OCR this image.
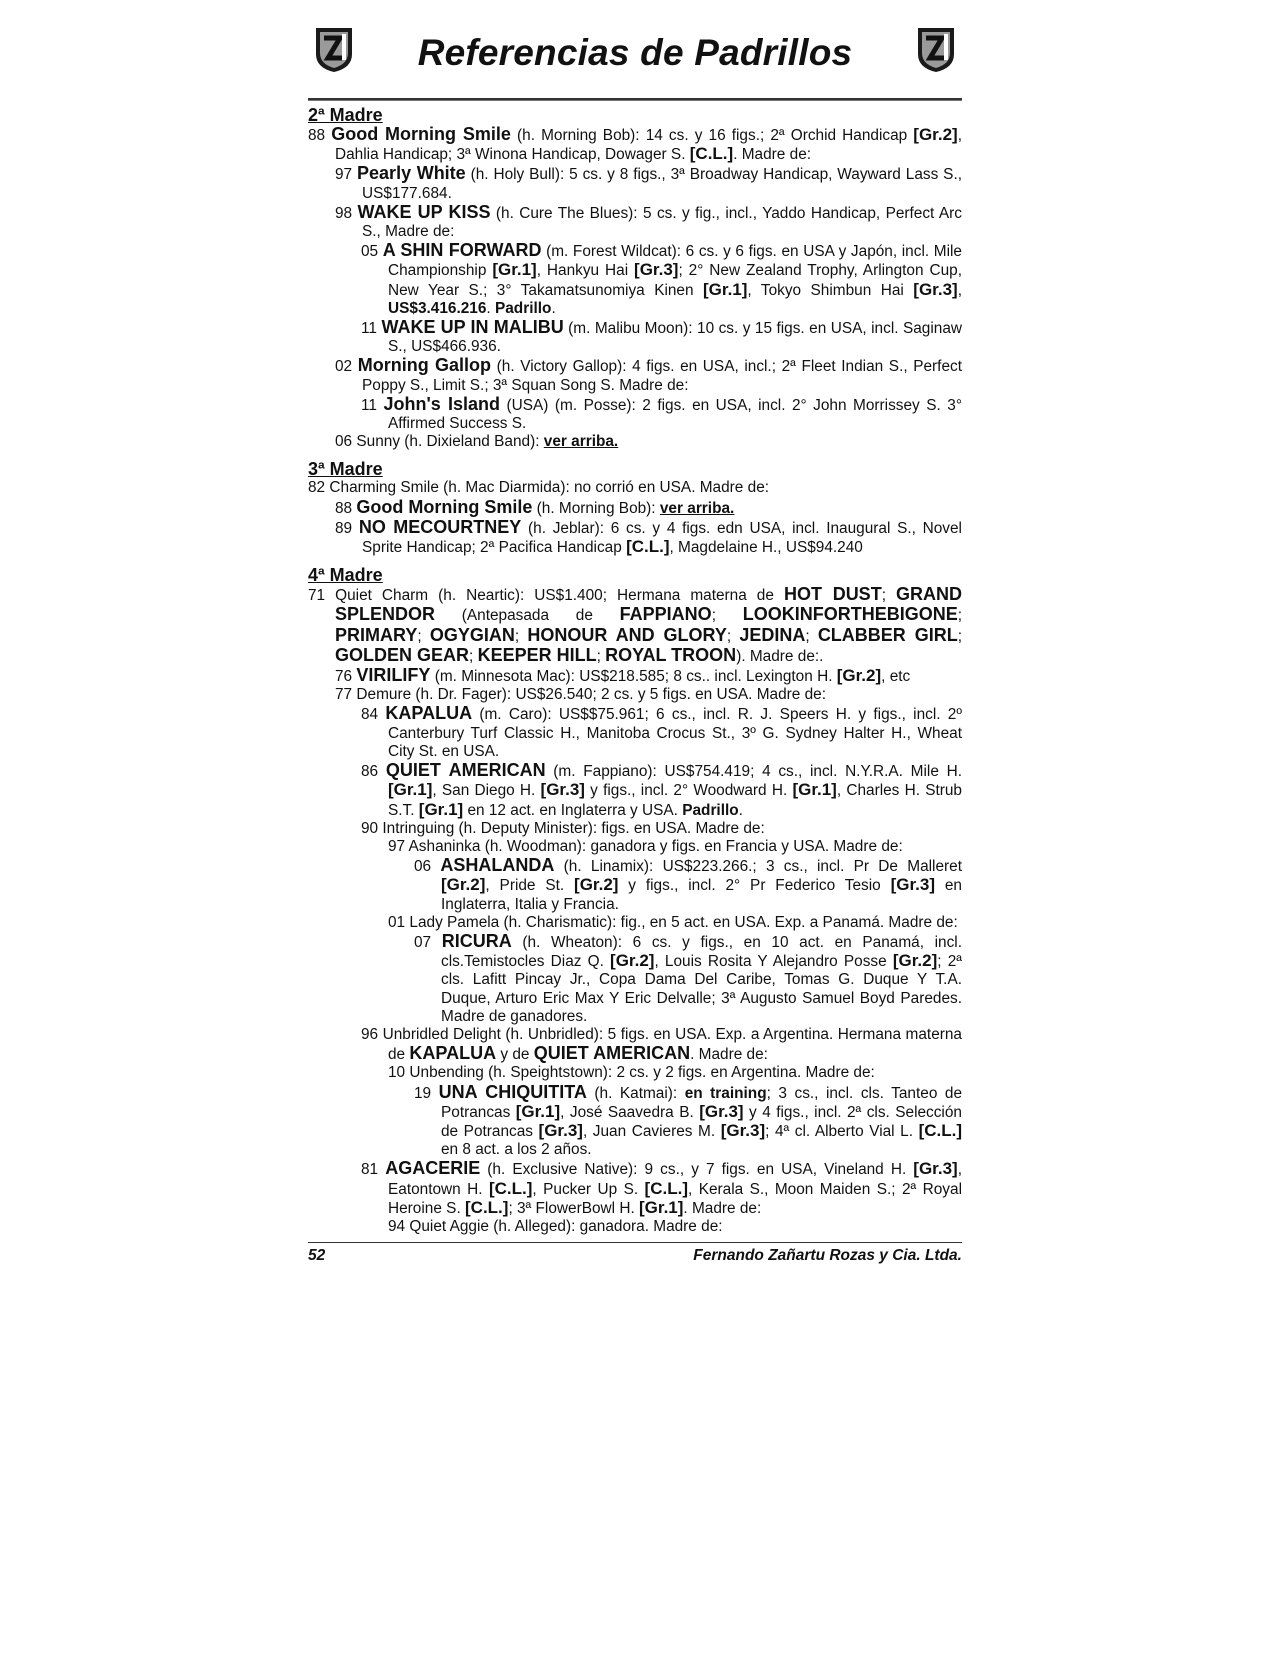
Referencias de Padrillos
2ª Madre
88 Good Morning Smile (h. Morning Bob): 14 cs. y 16 figs.; 2ª Orchid Handicap [Gr.2], Dahlia Handicap; 3ª Winona Handicap, Dowager S. [C.L.]. Madre de:
97 Pearly White (h. Holy Bull): 5 cs. y 8 figs., 3ª Broadway Handicap, Wayward Lass S., US$177.684.
98 WAKE UP KISS (h. Cure The Blues): 5 cs. y fig., incl., Yaddo Handicap, Perfect Arc S., Madre de:
05 A SHIN FORWARD (m. Forest Wildcat): 6 cs. y 6 figs. en USA y Japón, incl. Mile Championship [Gr.1], Hankyu Hai [Gr.3]; 2° New Zealand Trophy, Arlington Cup, New Year S.; 3° Takamatsunomiya Kinen [Gr.1], Tokyo Shimbun Hai [Gr.3], US$3.416.216. Padrillo.
11 WAKE UP IN MALIBU (m. Malibu Moon): 10 cs. y 15 figs. en USA, incl. Saginaw S., US$466.936.
02 Morning Gallop (h. Victory Gallop): 4 figs. en USA, incl.; 2ª Fleet Indian S., Perfect Poppy S., Limit S.; 3ª Squan Song S. Madre de:
11 John's Island (USA) (m. Posse): 2 figs. en USA, incl. 2° John Morrissey S. 3° Affirmed Success S.
06 Sunny (h. Dixieland Band): ver arriba.
3ª Madre
82 Charming Smile (h. Mac Diarmida): no corrió en USA. Madre de:
88 Good Morning Smile (h. Morning Bob): ver arriba.
89 NO MECOURTNEY (h. Jeblar): 6 cs. y 4 figs. edn USA, incl. Inaugural S., Novel Sprite Handicap; 2ª Pacifica Handicap [C.L.], Magdelaine H., US$94.240
4ª Madre
71 Quiet Charm (h. Neartic): US$1.400; Hermana materna de HOT DUST; GRAND SPLENDOR (Antepasada de FAPPIANO; LOOKINFORTHEBIGONE; PRIMARY; OGYGIAN; HONOUR AND GLORY; JEDINA; CLABBER GIRL; GOLDEN GEAR; KEEPER HILL; ROYAL TROON). Madre de:.
76 VIRILIFY (m. Minnesota Mac): US$218.585; 8 cs.. incl. Lexington H. [Gr.2], etc
77 Demure (h. Dr. Fager): US$26.540; 2 cs. y 5 figs. en USA. Madre de:
84 KAPALUA (m. Caro): US$$75.961; 6 cs., incl. R. J. Speers H. y figs., incl. 2º Canterbury Turf Classic H., Manitoba Crocus St., 3º G. Sydney Halter H., Wheat City St. en USA.
86 QUIET AMERICAN (m. Fappiano): US$754.419; 4 cs., incl. N.Y.R.A. Mile H. [Gr.1], San Diego H. [Gr.3] y figs., incl. 2° Woodward H. [Gr.1], Charles H. Strub S.T. [Gr.1] en 12 act. en Inglaterra y USA. Padrillo.
90 Intringuing (h. Deputy Minister): figs. en USA. Madre de:
97 Ashaninka (h. Woodman): ganadora y figs. en Francia y USA. Madre de:
06 ASHALANDA (h. Linamix): US$223.266.; 3 cs., incl. Pr De Malleret [Gr.2], Pride St. [Gr.2] y figs., incl. 2° Pr Federico Tesio [Gr.3] en Inglaterra, Italia y Francia.
01 Lady Pamela (h. Charismatic): fig., en 5 act. en USA. Exp. a Panamá. Madre de:
07 RICURA (h. Wheaton): 6 cs. y figs., en 10 act. en Panamá, incl. cls.Temistocles Diaz Q. [Gr.2], Louis Rosita Y Alejandro Posse [Gr.2]; 2ª cls. Lafitt Pincay Jr., Copa Dama Del Caribe, Tomas G. Duque Y T.A. Duque, Arturo Eric Max Y Eric Delvalle; 3ª Augusto Samuel Boyd Paredes. Madre de ganadores.
96 Unbridled Delight (h. Unbridled): 5 figs. en USA. Exp. a Argentina. Hermana materna de KAPALUA y de QUIET AMERICAN. Madre de:
10 Unbending (h. Speightstown): 2 cs. y 2 figs. en Argentina. Madre de:
19 UNA CHIQUITITA (h. Katmai): en training; 3 cs., incl. cls. Tanteo de Potrancas [Gr.1], José Saavedra B. [Gr.3] y 4 figs., incl. 2ª cls. Selección de Potrancas [Gr.3], Juan Cavieres M. [Gr.3]; 4ª cl. Alberto Vial L. [C.L.] en 8 act. a los 2 años.
81 AGACERIE (h. Exclusive Native): 9 cs., y 7 figs. en USA, Vineland H. [Gr.3], Eatontown H. [C.L.], Pucker Up S. [C.L.], Kerala S., Moon Maiden S.; 2ª Royal Heroine S. [C.L.]; 3ª FlowerBowl H. [Gr.1]. Madre de:
94 Quiet Aggie (h. Alleged): ganadora. Madre de:
52	Fernando Zañartu Rozas y Cia. Ltda.
